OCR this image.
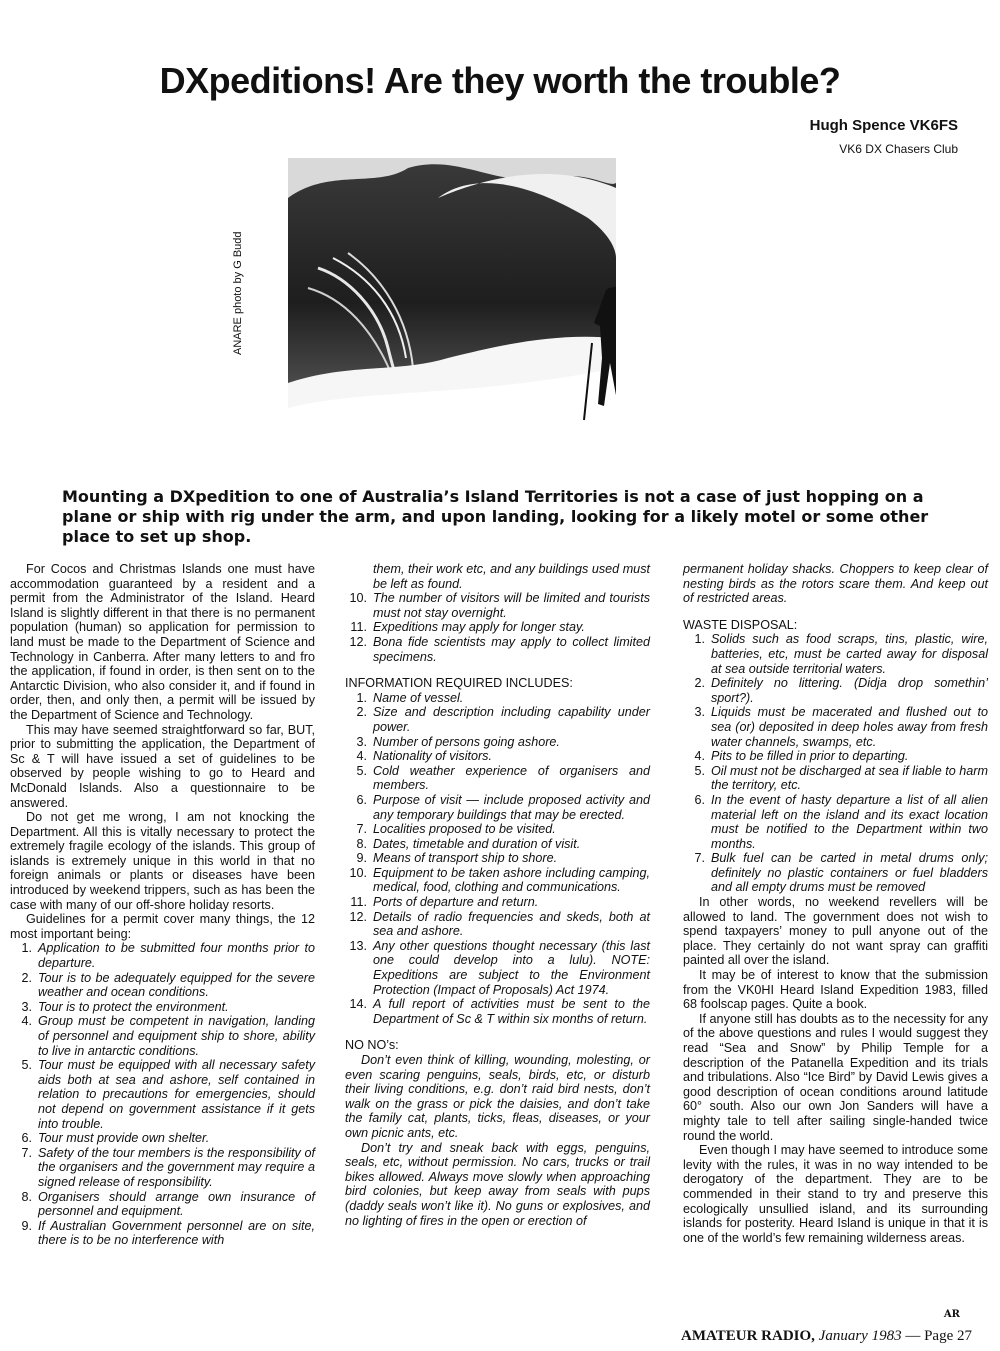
DXpeditions! Are they worth the trouble?
Hugh Spence VK6FS
VK6 DX Chasers Club
ANARE photo by G Budd

Mounting a DXpedition to one of Australia’s Island Territories is not a case of just hopping on a plane or ship with rig under the arm, and upon landing, looking for a likely motel or some other place to set up shop.

For Cocos and Christmas Islands one must have accommodation guaranteed by a resident and a permit from the Administrator of the Island. Heard Island is slightly different in that there is no permanent population (human) so application for permission to land must be made to the Department of Science and Technology in Canberra. After many letters to and fro the application, if found in order, is then sent on to the Antarctic Division, who also consider it, and if found in order, then, and only then, a permit will be issued by the Department of Science and Technology.

This may have seemed straightforward so far, BUT, prior to submitting the application, the Department of Sc & T will have issued a set of guidelines to be observed by people wishing to go to Heard and McDonald Islands. Also a questionnaire to be answered.

Do not get me wrong, I am not knocking the Department. All this is vitally necessary to protect the extremely fragile ecology of the islands. This group of islands is extremely unique in this world in that no foreign animals or plants or diseases have been introduced by weekend trippers, such as has been the case with many of our off-shore holiday resorts.

Guidelines for a permit cover many things, the 12 most important being:

1. Application to be submitted four months prior to departure.
2. Tour is to be adequately equipped for the severe weather and ocean conditions.
3. Tour is to protect the environment.
4. Group must be competent in navigation, landing of personnel and equipment ship to shore, ability to live in antarctic conditions.
5. Tour must be equipped with all necessary safety aids both at sea and ashore, self contained in relation to precautions for emergencies, should not depend on government assistance if it gets into trouble.
6. Tour must provide own shelter.
7. Safety of the tour members is the responsibility of the organisers and the government may require a signed release of responsibility.
8. Organisers should arrange own insurance of personnel and equipment.
9. If Australian Government personnel are on site, there is to be no interference with
them, their work etc, and any buildings used must be left as found.
10. The number of visitors will be limited and tourists must not stay overnight.
11. Expeditions may apply for longer stay.
12. Bona fide scientists may apply to collect limited specimens.

INFORMATION REQUIRED INCLUDES:

1. Name of vessel.
2. Size and description including capability under power.
3. Number of persons going ashore.
4. Nationality of visitors.
5. Cold weather experience of organisers and members.
6. Purpose of visit — include proposed activity and any temporary buildings that may be erected.
7. Localities proposed to be visited.
8. Dates, timetable and duration of visit.
9. Means of transport ship to shore.
10. Equipment to be taken ashore including camping, medical, food, clothing and communications.
11. Ports of departure and return.
12. Details of radio frequencies and skeds, both at sea and ashore.
13. Any other questions thought necessary (this last one could develop into a lulu). NOTE: Expeditions are subject to the Environment Protection (Impact of Proposals) Act 1974.
14. A full report of activities must be sent to the Department of Sc & T within six months of return.

NO NO’s:

Don’t even think of killing, wounding, molesting, or even scaring penguins, seals, birds, etc, or disturb their living conditions, e.g. don’t raid bird nests, don’t walk on the grass or pick the daisies, and don’t take the family cat, plants, ticks, fleas, diseases, or your own picnic ants, etc.

Don’t try and sneak back with eggs, penguins, seals, etc, without permission. No cars, trucks or trail bikes allowed. Always move slowly when approaching bird colonies, but keep away from seals with pups (daddy seals won’t like it). No guns or explosives, and no lighting of fires in the open or erection of

permanent holiday shacks. Choppers to keep clear of nesting birds as the rotors scare them. And keep out of restricted areas.

WASTE DISPOSAL:

1. Solids such as food scraps, tins, plastic, wire, batteries, etc, must be carted away for disposal at sea outside territorial waters.
2. Definitely no littering. (Didja drop somethin’ sport?).
3. Liquids must be macerated and flushed out to sea (or) deposited in deep holes away from fresh water channels, swamps, etc.
4. Pits to be filled in prior to departing.
5. Oil must not be discharged at sea if liable to harm the territory, etc.
6. In the event of hasty departure a list of all alien material left on the island and its exact location must be notified to the Department within two months.
7. Bulk fuel can be carted in metal drums only; definitely no plastic containers or fuel bladders and all empty drums must be removed

In other words, no weekend revellers will be allowed to land. The government does not wish to spend taxpayers’ money to pull anyone out of the place. They certainly do not want spray can graffiti painted all over the island.

It may be of interest to know that the submission from the VK0HI Heard Island Expedition 1983, filled 68 foolscap pages. Quite a book.

If anyone still has doubts as to the necessity for any of the above questions and rules I would suggest they read “Sea and Snow” by Philip Temple for a description of the Patanella Expedition and its trials and tribulations. Also “Ice Bird” by David Lewis gives a good description of ocean conditions around latitude 60° south. Also our own Jon Sanders will have a mighty tale to tell after sailing single-handed twice round the world.

Even though I may have seemed to introduce some levity with the rules, it was in no way intended to be derogatory of the department. They are to be commended in their stand to try and preserve this ecologically unsullied island, and its surrounding islands for posterity. Heard Island is unique in that it is one of the world’s few remaining wilderness areas.

AR
AMATEUR RADIO, January 1983 — Page 27
